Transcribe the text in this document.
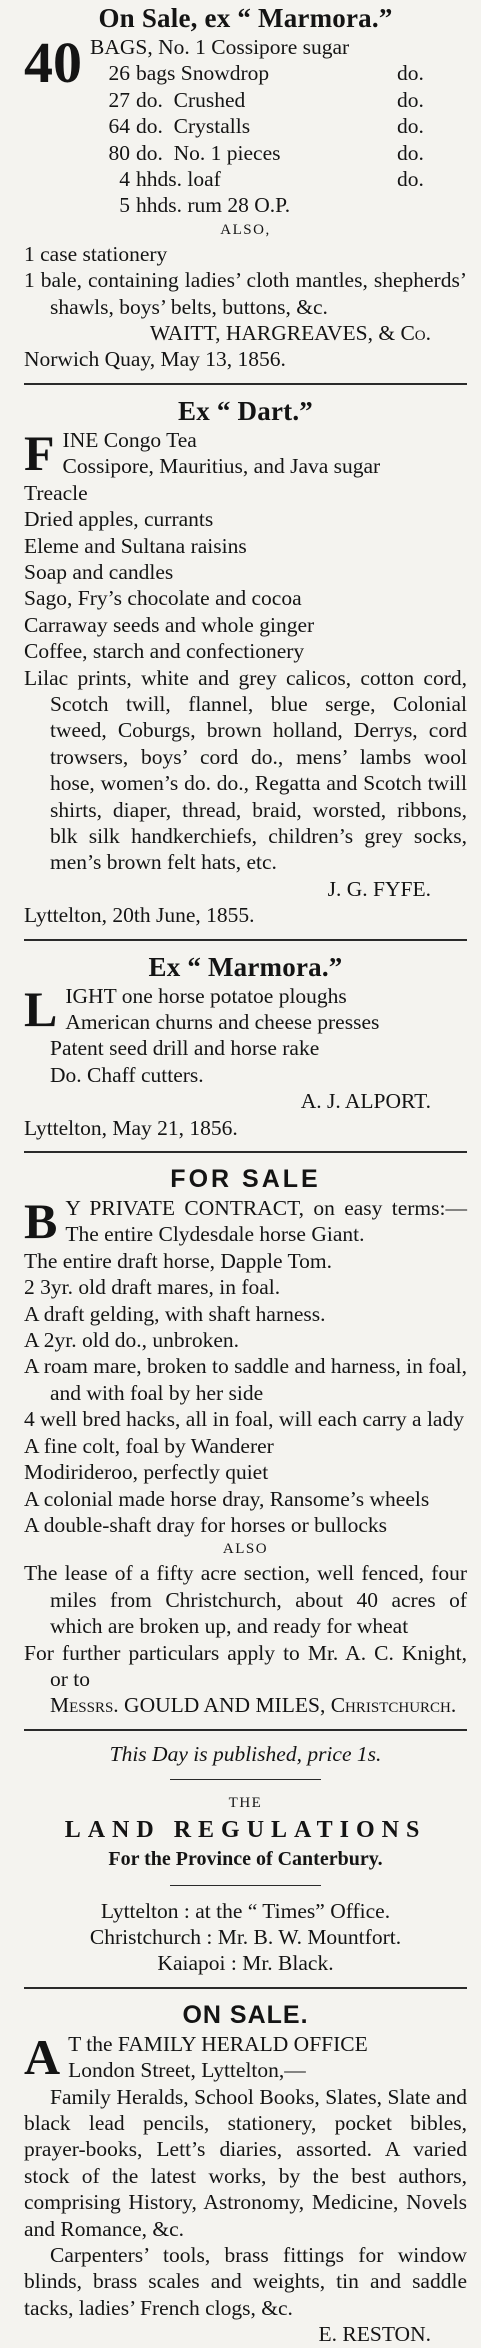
On Sale, ex “ Marmora.”
40 BAGS, No. 1 Cossipore sugar
26 bags Snowdrop	do.
27 do.  Crushed	do.
64 do.  Crystalls	do.
80 do.  No. 1 pieces	do.
4 hhds. loaf	do.
5 hhds. rum 28 O.P.
ALSO,
1 case stationery
1 bale, containing ladies’ cloth mantles, shepherds’ shawls, boys’ belts, buttons, &c.
WAITT, HARGREAVES, & Co.
Norwich Quay, May 13, 1856.
Ex “ Dart.”
F INE Congo Tea
Cossipore, Mauritius, and Java sugar
Treacle
Dried apples, currants
Eleme and Sultana raisins
Soap and candles
Sago, Fry’s chocolate and cocoa
Carraway seeds and whole ginger
Coffee, starch and confectionery
Lilac prints, white and grey calicos, cotton cord, Scotch twill, flannel, blue serge, Colonial tweed, Coburgs, brown holland, Derrys, cord trowsers, boys’ cord do., mens’ lambs wool hose, women’s do. do., Regatta and Scotch twill shirts, diaper, thread, braid, worsted, ribbons, blk silk handkerchiefs, children’s grey socks, men’s brown felt hats, etc.
J. G. FYFE.
Lyttelton, 20th June, 1855.
Ex “ Marmora.”
L IGHT one horse potatoe ploughs
American churns and cheese presses
Patent seed drill and horse rake
Do. Chaff cutters.
A. J. ALPORT.
Lyttelton, May 21, 1856.
FOR SALE
B Y PRIVATE CONTRACT, on easy terms:—The entire Clydesdale horse Giant.
The entire draft horse, Dapple Tom.
2 3yr. old draft mares, in foal.
A draft gelding, with shaft harness.
A 2yr. old do., unbroken.
A roam mare, broken to saddle and harness, in foal, and with foal by her side
4 well bred hacks, all in foal, will each carry a lady
A fine colt, foal by Wanderer
Modirideroo, perfectly quiet
A colonial made horse dray, Ransome’s wheels
A double-shaft dray for horses or bullocks
ALSO
The lease of a fifty acre section, well fenced, four miles from Christchurch, about 40 acres of which are broken up, and ready for wheat
For further particulars apply to Mr. A. C. Knight, or to
Messrs. GOULD AND MILES, Christchurch.
This Day is published, price 1s.
THE
LAND REGULATIONS
For the Province of Canterbury.
Lyttelton : at the “ Times” Office.
Christchurch : Mr. B. W. Mountfort.
Kaiapoi : Mr. Black.
ON SALE.
A T the FAMILY HERALD OFFICE
London Street, Lyttelton,—
Family Heralds, School Books, Slates, Slate and black lead pencils, stationery, pocket bibles, prayer-books, Lett’s diaries, assorted. A varied stock of the latest works, by the best authors, comprising History, Astronomy, Medicine, Novels and Romance, &c.
Carpenters’ tools, brass fittings for window blinds, brass scales and weights, tin and saddle tacks, ladies’ French clogs, &c.
E. RESTON.
